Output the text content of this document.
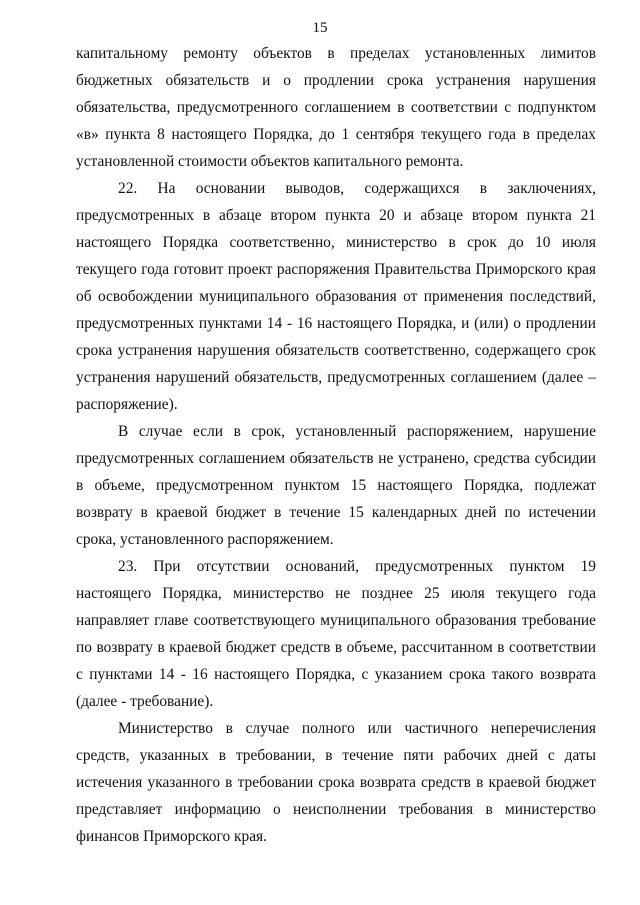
15

капитальному ремонту объектов в пределах установленных лимитов бюджетных обязательств и о продлении срока устранения нарушения обязательства, предусмотренного соглашением в соответствии с подпунктом «в» пункта 8 настоящего Порядка, до 1 сентября текущего года в пределах установленной стоимости объектов капитального ремонта.

22. На основании выводов, содержащихся в заключениях, предусмотренных в абзаце втором пункта 20 и абзаце втором пункта 21 настоящего Порядка соответственно, министерство в срок до 10 июля текущего года готовит проект распоряжения Правительства Приморского края об освобождении муниципального образования от применения последствий, предусмотренных пунктами 14 - 16 настоящего Порядка, и (или) о продлении срока устранения нарушения обязательств соответственно, содержащего срок устранения нарушений обязательств, предусмотренных соглашением (далее – распоряжение).

В случае если в срок, установленный распоряжением, нарушение предусмотренных соглашением обязательств не устранено, средства субсидии в объеме, предусмотренном пунктом 15 настоящего Порядка, подлежат возврату в краевой бюджет в течение 15 календарных дней по истечении срока, установленного распоряжением.

23. При отсутствии оснований, предусмотренных пунктом 19 настоящего Порядка, министерство не позднее 25 июля текущего года направляет главе соответствующего муниципального образования требование по возврату в краевой бюджет средств в объеме, рассчитанном в соответствии с пунктами 14 - 16 настоящего Порядка, с указанием срока такого возврата (далее - требование).

Министерство в случае полного или частичного неперечисления средств, указанных в требовании, в течение пяти рабочих дней с даты истечения указанного в требовании срока возврата средств в краевой бюджет представляет информацию о неисполнении требования в министерство финансов Приморского края.
